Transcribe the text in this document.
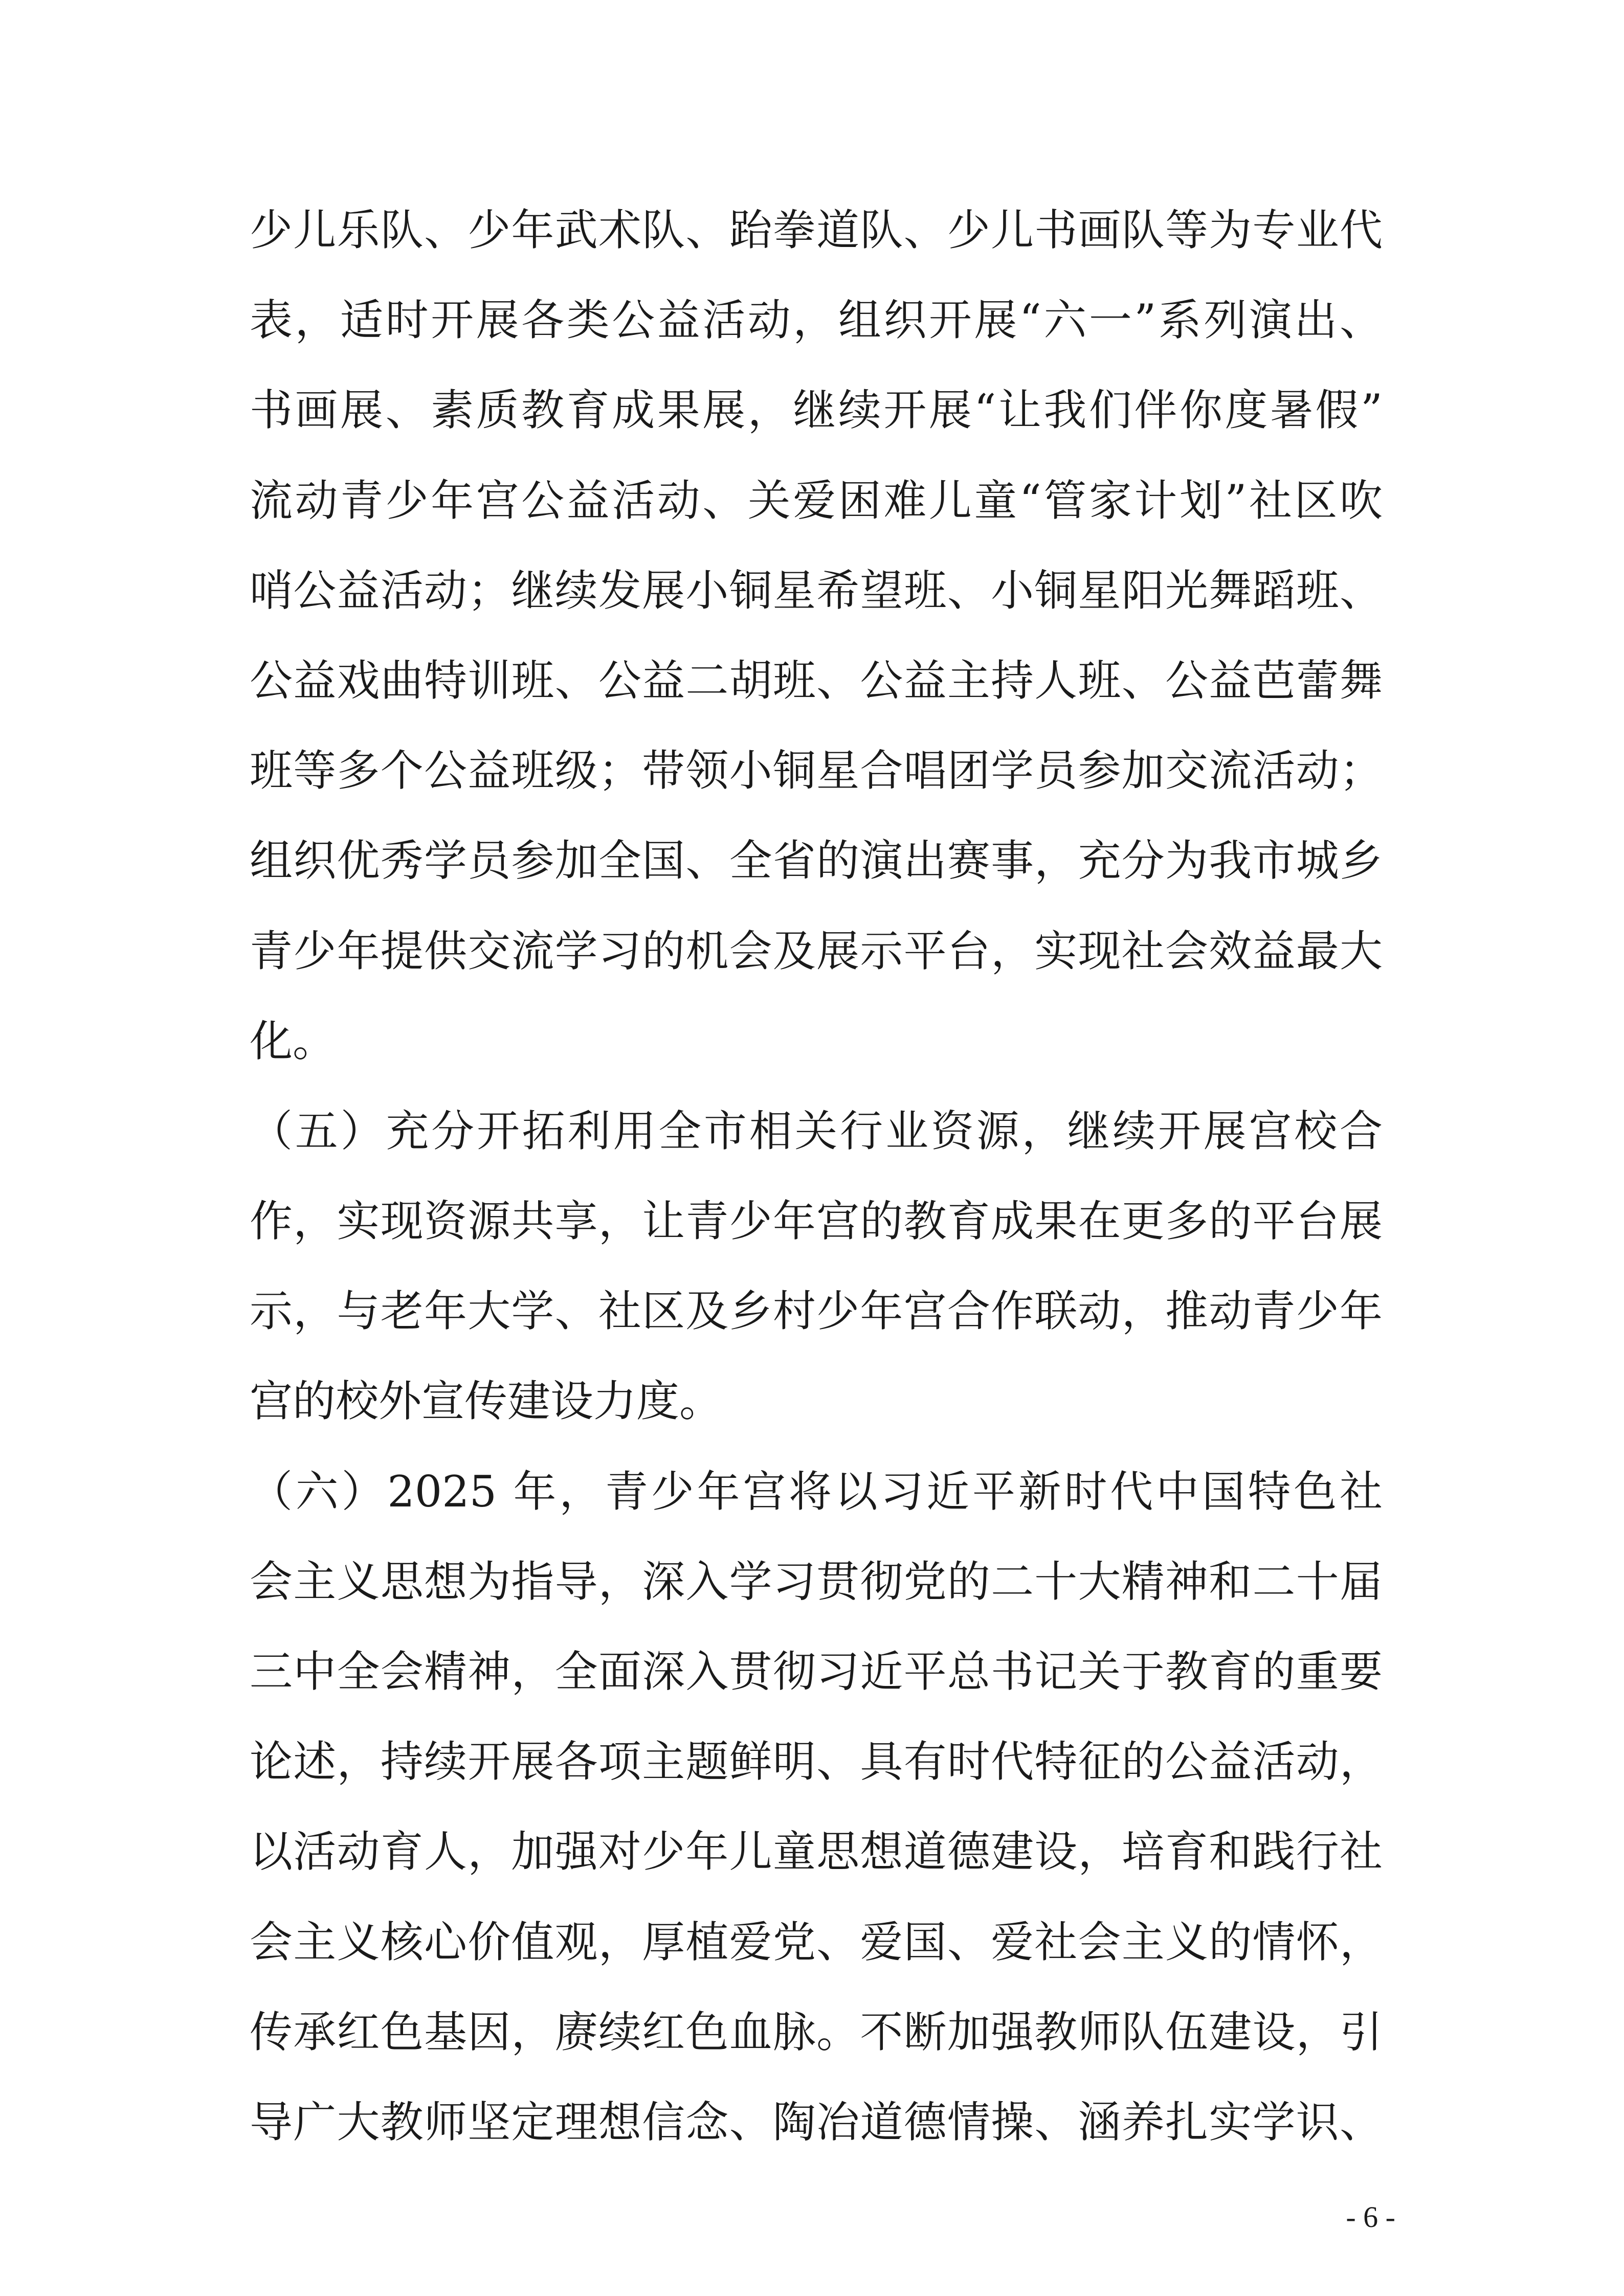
少儿乐队、少年武术队、跆拳道队、少儿书画队等为专业代
表，适时开展各类公益活动，组织开展“六一”系列演出、
书画展、素质教育成果展，继续开展“让我们伴你度暑假”
流动青少年宫公益活动、关爱困难儿童“管家计划”社区吹
哨公益活动；继续发展小铜星希望班、小铜星阳光舞蹈班、
公益戏曲特训班、公益二胡班、公益主持人班、公益芭蕾舞
班等多个公益班级；带领小铜星合唱团学员参加交流活动；
组织优秀学员参加全国、全省的演出赛事，充分为我市城乡
青少年提供交流学习的机会及展示平台，实现社会效益最大
化。
（五）充分开拓利用全市相关行业资源，继续开展宫校合
作，实现资源共享，让青少年宫的教育成果在更多的平台展
示，与老年大学、社区及乡村少年宫合作联动，推动青少年
宫的校外宣传建设力度。
（六）2025 年，青少年宫将以习近平新时代中国特色社
会主义思想为指导，深入学习贯彻党的二十大精神和二十届
三中全会精神，全面深入贯彻习近平总书记关于教育的重要
论述，持续开展各项主题鲜明、具有时代特征的公益活动，
以活动育人，加强对少年儿童思想道德建设，培育和践行社
会主义核心价值观，厚植爱党、爱国、爱社会主义的情怀，
传承红色基因，赓续红色血脉。不断加强教师队伍建设，引
导广大教师坚定理想信念、陶冶道德情操、涵养扎实学识、
- 6 -
